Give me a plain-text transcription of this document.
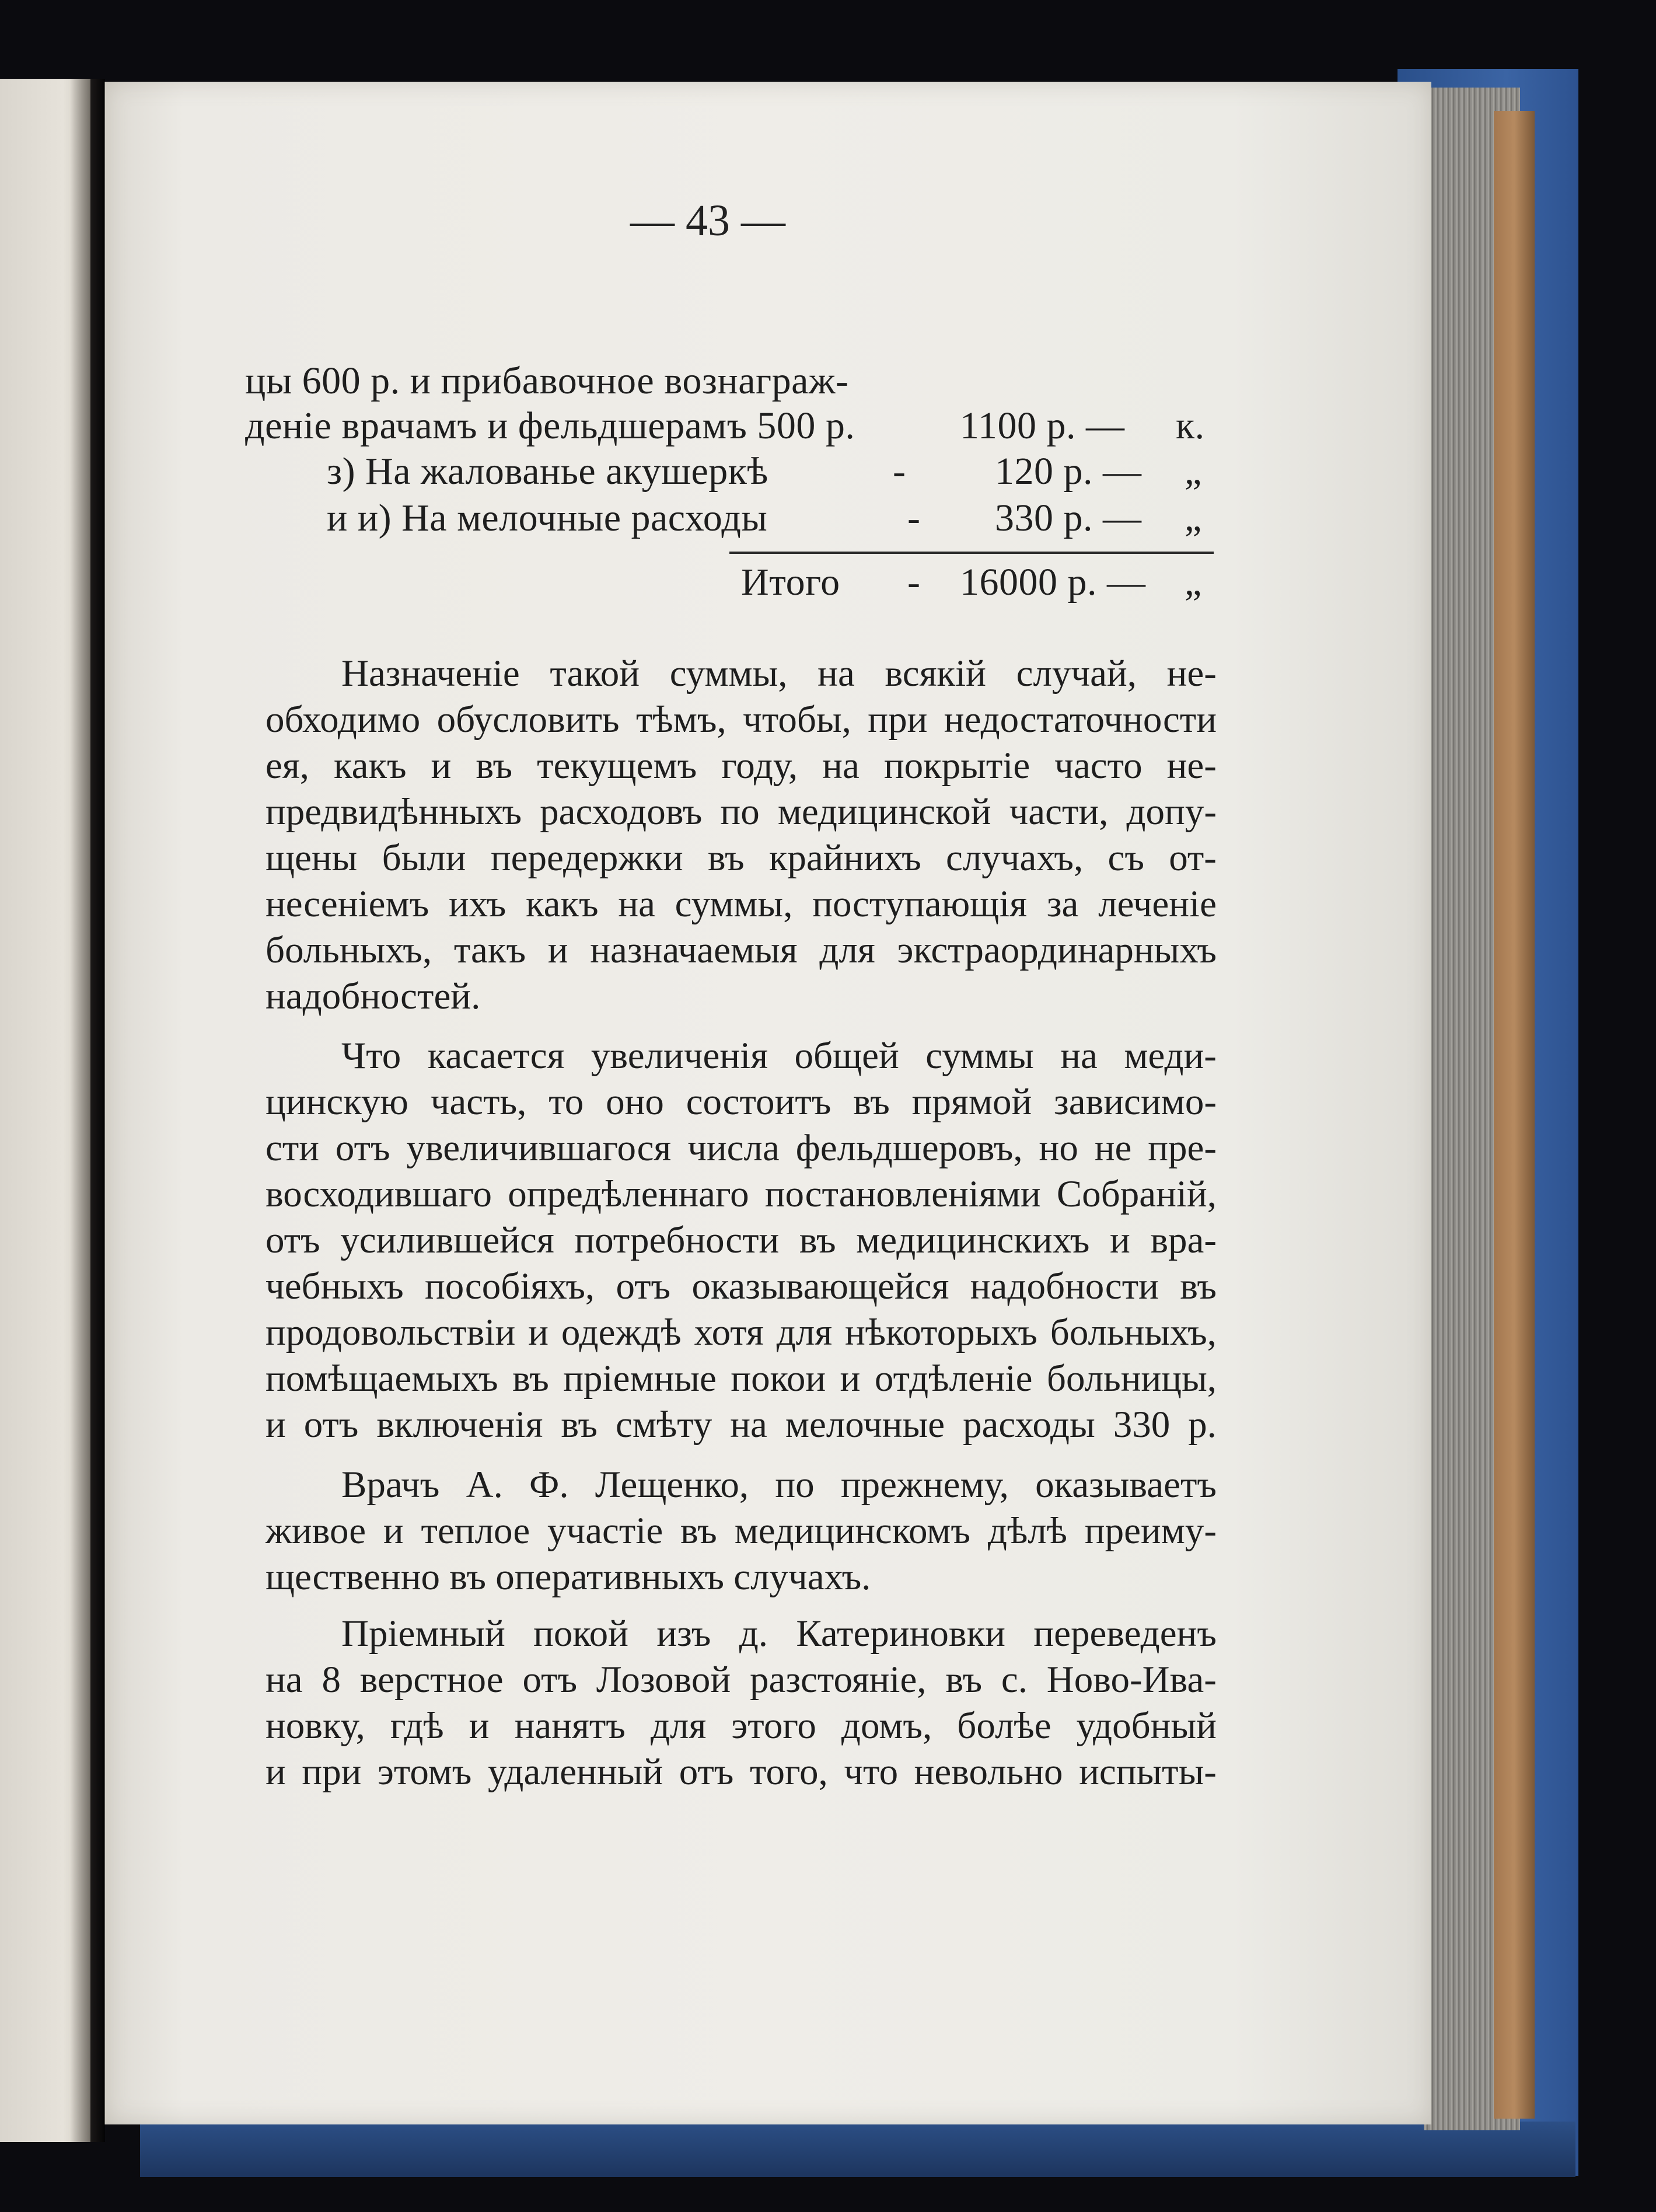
— 43 —
цы 600 р. и прибавочное вознаграж-
деніе врачамъ и фельдшерамъ 500 р.	1100 р. — к.
з) На жалованье акушеркѣ	- 120 р. — „
и и) На мелочные расходы	- 330 р. — „
Итого - 16000 р. — „
Назначеніе такой суммы, на всякій случай, не-
обходимо обусловить тѣмъ, чтобы, при недостаточности
ея, какъ и въ текущемъ году, на покрытіе часто не-
предвидѣнныхъ расходовъ по медицинской части, допу-
щены были передержки въ крайнихъ случахъ, съ от-
несеніемъ ихъ какъ на суммы, поступающія за леченіе
больныхъ, такъ и назначаемыя для экстраординарныхъ
надобностей.
Что касается увеличенія общей суммы на меди-
цинскую часть, то оно состоитъ въ прямой зависимо-
сти отъ увеличившагося числа фельдшеровъ, но не пре-
восходившаго опредѣленнаго постановленіями Собраній,
отъ усилившейся потребности въ медицинскихъ и вра-
чебныхъ пособіяхъ, отъ оказывающейся надобности въ
продовольствіи и одеждѣ хотя для нѣкоторыхъ больныхъ,
помѣщаемыхъ въ пріемные покои и отдѣленіе больницы,
и отъ включенія въ смѣту на мелочные расходы 330 р.
Врачъ А. Ф. Лещенко, по прежнему, оказываетъ
живое и теплое участіе въ медицинскомъ дѣлѣ преиму-
щественно въ оперативныхъ случахъ.
Пріемный покой изъ д. Катериновки переведенъ
на 8 верстное отъ Лозовой разстояніе, въ с. Ново-Ива-
новку, гдѣ и нанятъ для этого домъ, болѣе удобный
и при этомъ удаленный отъ того, что невольно испыты-
